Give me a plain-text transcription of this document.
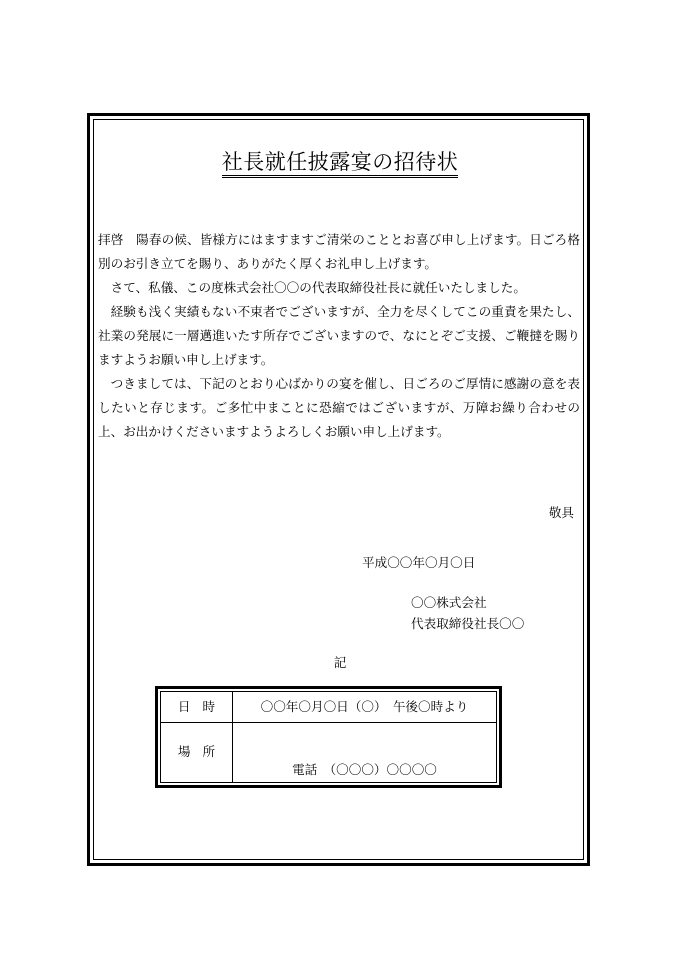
社長就任披露宴の招待状

拝啓　陽春の候、皆様方にはますますご清栄のこととお喜び申し上げます。日ごろ格別のお引き立てを賜り、ありがたく厚くお礼申し上げます。

さて、私儀、この度株式会社〇〇の代表取締役社長に就任いたしました。

経験も浅く実績もない不束者でございますが、全力を尽くしてこの重責を果たし、社業の発展に一層邁進いたす所存でございますので、なにとぞご支援、ご鞭撻を賜りますようお願い申し上げます。

つきましては、下記のとおり心ばかりの宴を催し、日ごろのご厚情に感謝の意を表したいと存じます。ご多忙中まことに恐縮ではございますが、万障お繰り合わせの上、お出かけくださいますようよろしくお願い申し上げます。

敬具
平成〇〇年〇月〇日
〇〇株式会社
代表取締役社長〇〇
記
日時	〇〇年〇月〇日（〇）　午後〇時より
場所
電話　（〇〇〇）〇〇〇〇
